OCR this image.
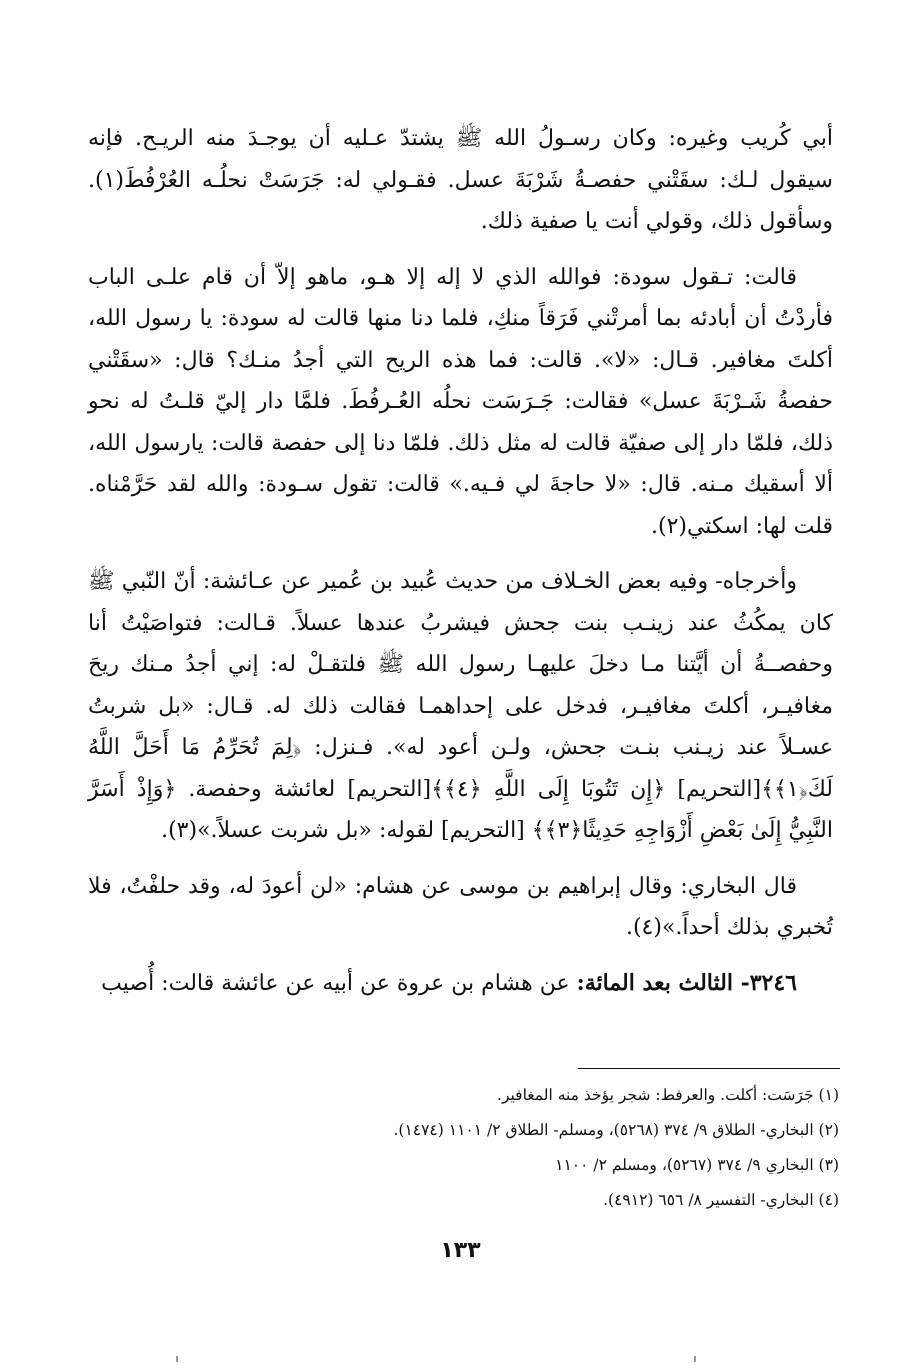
أبي كُريب وغيره: وكان رسـولُ الله ﷺ يشتدّ عـليه أن يوجـدَ منه الريـح. فإنه سيقول لـك: سقَتْني حفصـةُ شَرْبَةَ عسل. فقـولي له: جَرَسَتْ نحلُـه العُرْفُطَ(١). وسأقول ذلك، وقولي أنت يا صفية ذلك.

قالت: تـقول سودة: فوالله الذي لا إله إلا هـو، ماهو إلاّ أن قام علـى الباب فأردْتُ أن أبادئه بما أمرتْني فَرَقاً منكِ، فلما دنا منها قالت له سودة: يا رسول الله، أكلتَ مغافير. قـال: «لا». قالت: فما هذه الريح التي أجدُ منـك؟ قال: «سقَتْني حفصةُ شَـرْبَةَ عسل» فقالت: جَـرَسَت نحلُه العُـرفُطَ. فلمَّا دار إليّ قلـتُ له نحو ذلك، فلمّا دار إلى صفيّة قالت له مثل ذلك. فلمّا دنا إلى حفصة قالت: يارسول الله، ألا أسقيك مـنه. قال: «لا حاجةَ لي فـيه.» قالت: تقول سـودة: والله لقد حَرَّمْناه. قلت لها: اسكتي(٢).

وأخرجاه- وفيه بعض الخـلاف من حديث عُبيد بن عُمير عن عـائشة: أنّ النّبي ﷺ كان يمكُثُ عند زينـب بنت جحش فيشربُ عندها عسلاً. قـالت: فتواصَيْتُ أنا وحفصــةُ أن أيَّتنا مـا دخلَ عليهـا رسول الله ﷺ فلتقـلْ له: إني أجدُ مـنك ريحَ مغافيـر، أكلتَ مغافيـر، فدخل على إحداهمـا فقالت ذلك له. قـال: «بل شربتُ عسـلاً عند زيـنب بنـت جحش، ولـن أعود له». فـنزل: ﴿لِمَ تُحَرِّمُ مَا أَحَلَّ اللَّهُ لَكَ﴿١﴾﴾[التحريم] ﴿إِن تَتُوبَا إِلَى اللَّهِ ﴿٤﴾﴾[التحريم] لعائشة وحفصة. ﴿وَإِذْ أَسَرَّ النَّبِيُّ إِلَىٰ بَعْضِ أَزْوَاجِهِ حَدِيثًا﴿٣﴾﴾ [التحريم] لقوله: «بل شربت عسلاً.»(٣).

قال البخاري: وقال إبراهيم بن موسى عن هشام: «لن أعودَ له، وقد حلفْتُ، فلا تُخبري بذلك أحداً.»(٤).

٣٢٤٦- الثالث بعد المائة: عن هشام بن عروة عن أبيه عن عائشة قالت: أُصيب

(١) جَرَسَت: أكلت. والعرفط: شجر يؤخذ منه المغافير.
(٢) البخاري- الطلاق ٩/ ٣٧٤ (٥٢٦٨)، ومسلم- الطلاق ٢/ ١١٠١ (١٤٧٤).
(٣) البخاري ٩/ ٣٧٤ (٥٢٦٧)، ومسلم ٢/ ١١٠٠
(٤) البخاري- التفسير ٨/ ٦٥٦ (٤٩١٢).
١٣٣
